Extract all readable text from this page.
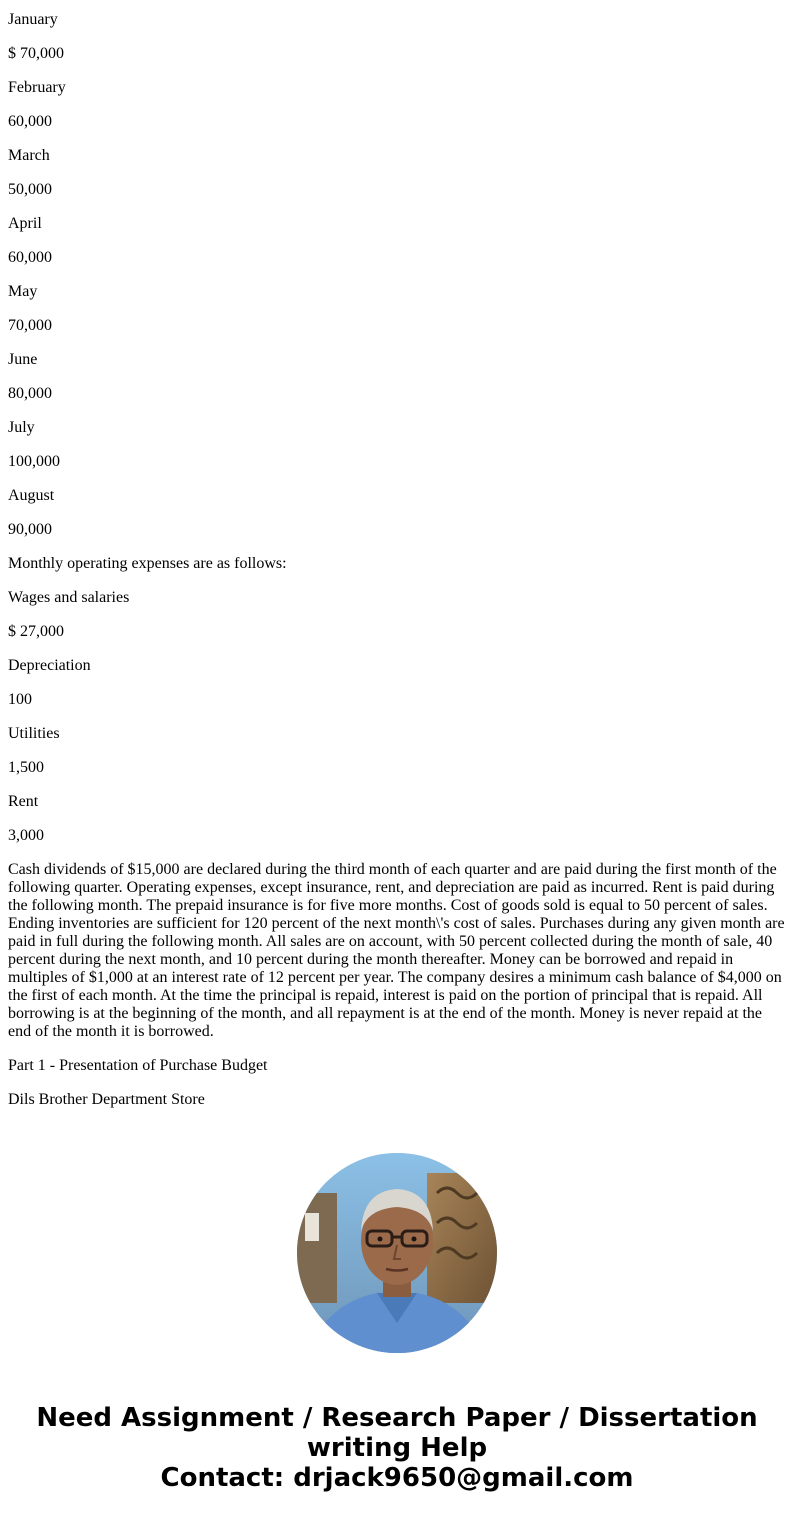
January

$ 70,000

February

60,000

March

50,000

April

60,000

May

70,000

June

80,000

July

100,000

August

90,000

Monthly operating expenses are as follows:

Wages and salaries

$ 27,000

Depreciation

100

Utilities

1,500

Rent

3,000

Cash dividends of $15,000 are declared during the third month of each quarter and are paid during the first month of the following quarter. Operating expenses, except insurance, rent, and depreciation are paid as incurred. Rent is paid during the following month. The prepaid insurance is for five more months. Cost of goods sold is equal to 50 percent of sales. Ending inventories are sufficient for 120 percent of the next month\'s cost of sales. Purchases during any given month are paid in full during the following month. All sales are on account, with 50 percent collected during the month of sale, 40 percent during the next month, and 10 percent during the month thereafter. Money can be borrowed and repaid in multiples of $1,000 at an interest rate of 12 percent per year. The company desires a minimum cash balance of $4,000 on the first of each month. At the time the principal is repaid, interest is paid on the portion of principal that is repaid. All borrowing is at the beginning of the month, and all repayment is at the end of the month. Money is never repaid at the end of the month it is borrowed.

Part 1 - Presentation of Purchase Budget

Dils Brother Department Store

Need Assignment / Research Paper / Dissertation
writing Help
Contact: drjack9650@gmail.com
